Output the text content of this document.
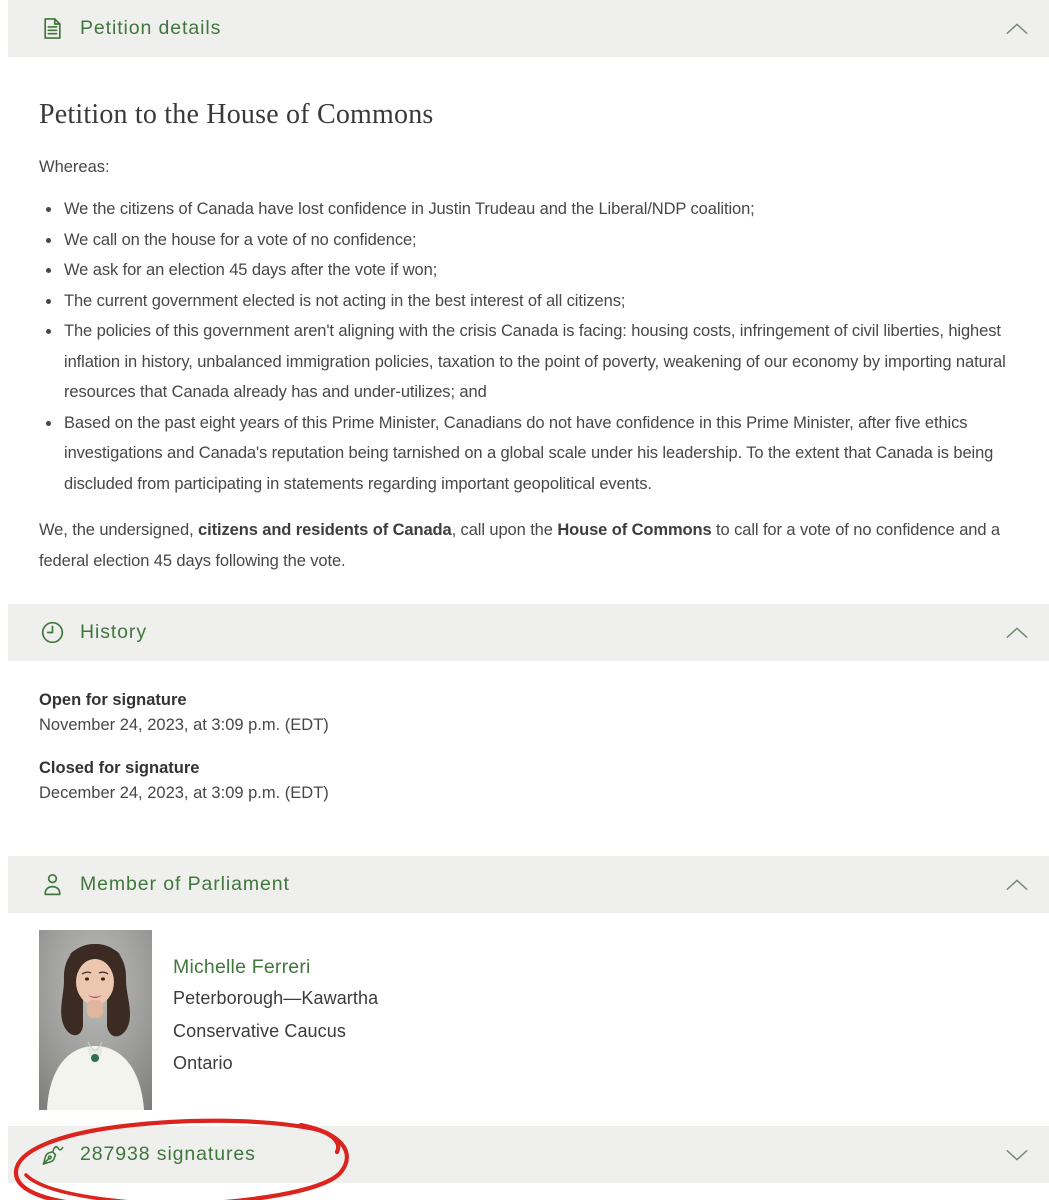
Petition details
Petition to the House of Commons

Whereas:

• We the citizens of Canada have lost confidence in Justin Trudeau and the Liberal/NDP coalition;
• We call on the house for a vote of no confidence;
• We ask for an election 45 days after the vote if won;
• The current government elected is not acting in the best interest of all citizens;
• The policies of this government aren't aligning with the crisis Canada is facing: housing costs, infringement of civil liberties, highest inflation in history, unbalanced immigration policies, taxation to the point of poverty, weakening of our economy by importing natural resources that Canada already has and under-utilizes; and
• Based on the past eight years of this Prime Minister, Canadians do not have confidence in this Prime Minister, after five ethics investigations and Canada's reputation being tarnished on a global scale under his leadership. To the extent that Canada is being discluded from participating in statements regarding important geopolitical events.

We, the undersigned, citizens and residents of Canada, call upon the House of Commons to call for a vote of no confidence and a federal election 45 days following the vote.

History
Open for signature
November 24, 2023, at 3:09 p.m. (EDT)
Closed for signature
December 24, 2023, at 3:09 p.m. (EDT)
Member of Parliament
Michelle Ferreri
Peterborough—Kawartha
Conservative Caucus
Ontario
287938 signatures
